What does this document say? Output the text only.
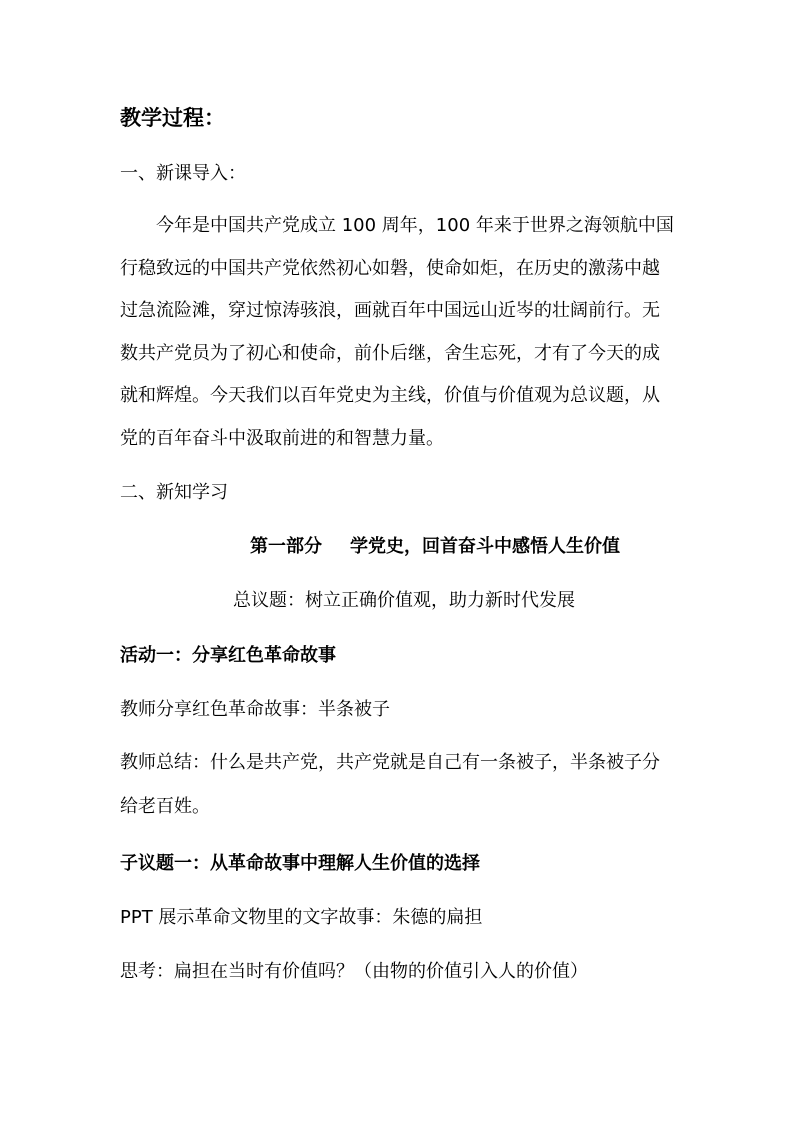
教学过程：
一、新课导入：
今年是中国共产党成立 100 周年，100 年来于世界之海领航中国
行稳致远的中国共产党依然初心如磐，使命如炬，在历史的激荡中越
过急流险滩，穿过惊涛骇浪，画就百年中国远山近岑的壮阔前行。无
数共产党员为了初心和使命，前仆后继，舍生忘死，才有了今天的成
就和辉煌。今天我们以百年党史为主线，价值与价值观为总议题，从
党的百年奋斗中汲取前进的和智慧力量。
二、新知学习
第一部分 学党史，回首奋斗中感悟人生价值
总议题：树立正确价值观，助力新时代发展
活动一：分享红色革命故事
教师分享红色革命故事：半条被子
教师总结：什么是共产党，共产党就是自己有一条被子，半条被子分
给老百姓。
子议题一：从革命故事中理解人生价值的选择
PPT 展示革命文物里的文字故事：朱德的扁担
思考：扁担在当时有价值吗？（由物的价值引入人的价值）
